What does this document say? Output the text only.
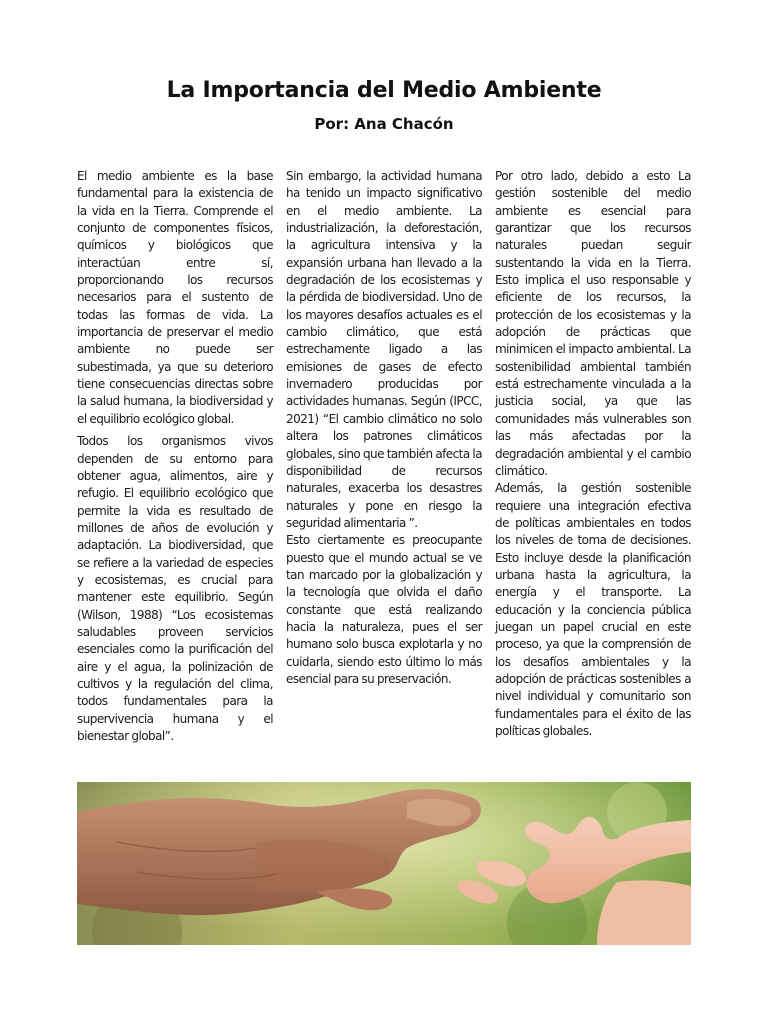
La Importancia del Medio Ambiente
Por: Ana Chacón

El medio ambiente es la base fundamental para la existencia de la vida en la Tierra. Comprende el conjunto de componentes físicos, químicos y biológicos que interactúan entre sí, proporcionando los recursos necesarios para el sustento de todas las formas de vida. La importancia de preservar el medio ambiente no puede ser subestimada, ya que su deterioro tiene consecuencias directas sobre la salud humana, la biodiversidad y el equilibrio ecológico global.

Todos los organismos vivos dependen de su entorno para obtener agua, alimentos, aire y refugio. El equilibrio ecológico que permite la vida es resultado de millones de años de evolución y adaptación. La biodiversidad, que se refiere a la variedad de especies y ecosistemas, es crucial para mantener este equilibrio. Según (Wilson, 1988) “Los ecosistemas saludables proveen servicios esenciales como la purificación del aire y el agua, la polinización de cultivos y la regulación del clima, todos fundamentales para la supervivencia humana y el bienestar global”.

Sin embargo, la actividad humana ha tenido un impacto significativo en el medio ambiente. La industrialización, la deforestación, la agricultura intensiva y la expansión urbana han llevado a la degradación de los ecosistemas y la pérdida de biodiversidad. Uno de los mayores desafíos actuales es el cambio climático, que está estrechamente ligado a las emisiones de gases de efecto invernadero producidas por actividades humanas. Según (IPCC, 2021) “El cambio climático no solo altera los patrones climáticos globales, sino que también afecta la disponibilidad de recursos naturales, exacerba los desastres naturales y pone en riesgo la seguridad alimentaria ”.

Esto ciertamente es preocupante puesto que el mundo actual se ve tan marcado por la globalización y la tecnología que olvida el daño constante que está realizando hacia la naturaleza, pues el ser humano solo busca explotarla y no cuidarla, siendo esto último lo más esencial para su preservación.

Por otro lado, debido a esto La gestión sostenible del medio ambiente es esencial para garantizar que los recursos naturales puedan seguir sustentando la vida en la Tierra. Esto implica el uso responsable y eficiente de los recursos, la protección de los ecosistemas y la adopción de prácticas que minimicen el impacto ambiental. La sostenibilidad ambiental también está estrechamente vinculada a la justicia social, ya que las comunidades más vulnerables son las más afectadas por la degradación ambiental y el cambio climático.

Además, la gestión sostenible requiere una integración efectiva de políticas ambientales en todos los niveles de toma de decisiones. Esto incluye desde la planificación urbana hasta la agricultura, la energía y el transporte. La educación y la conciencia pública juegan un papel crucial en este proceso, ya que la comprensión de los desafíos ambientales y la adopción de prácticas sostenibles a nivel individual y comunitario son fundamentales para el éxito de las políticas globales.
